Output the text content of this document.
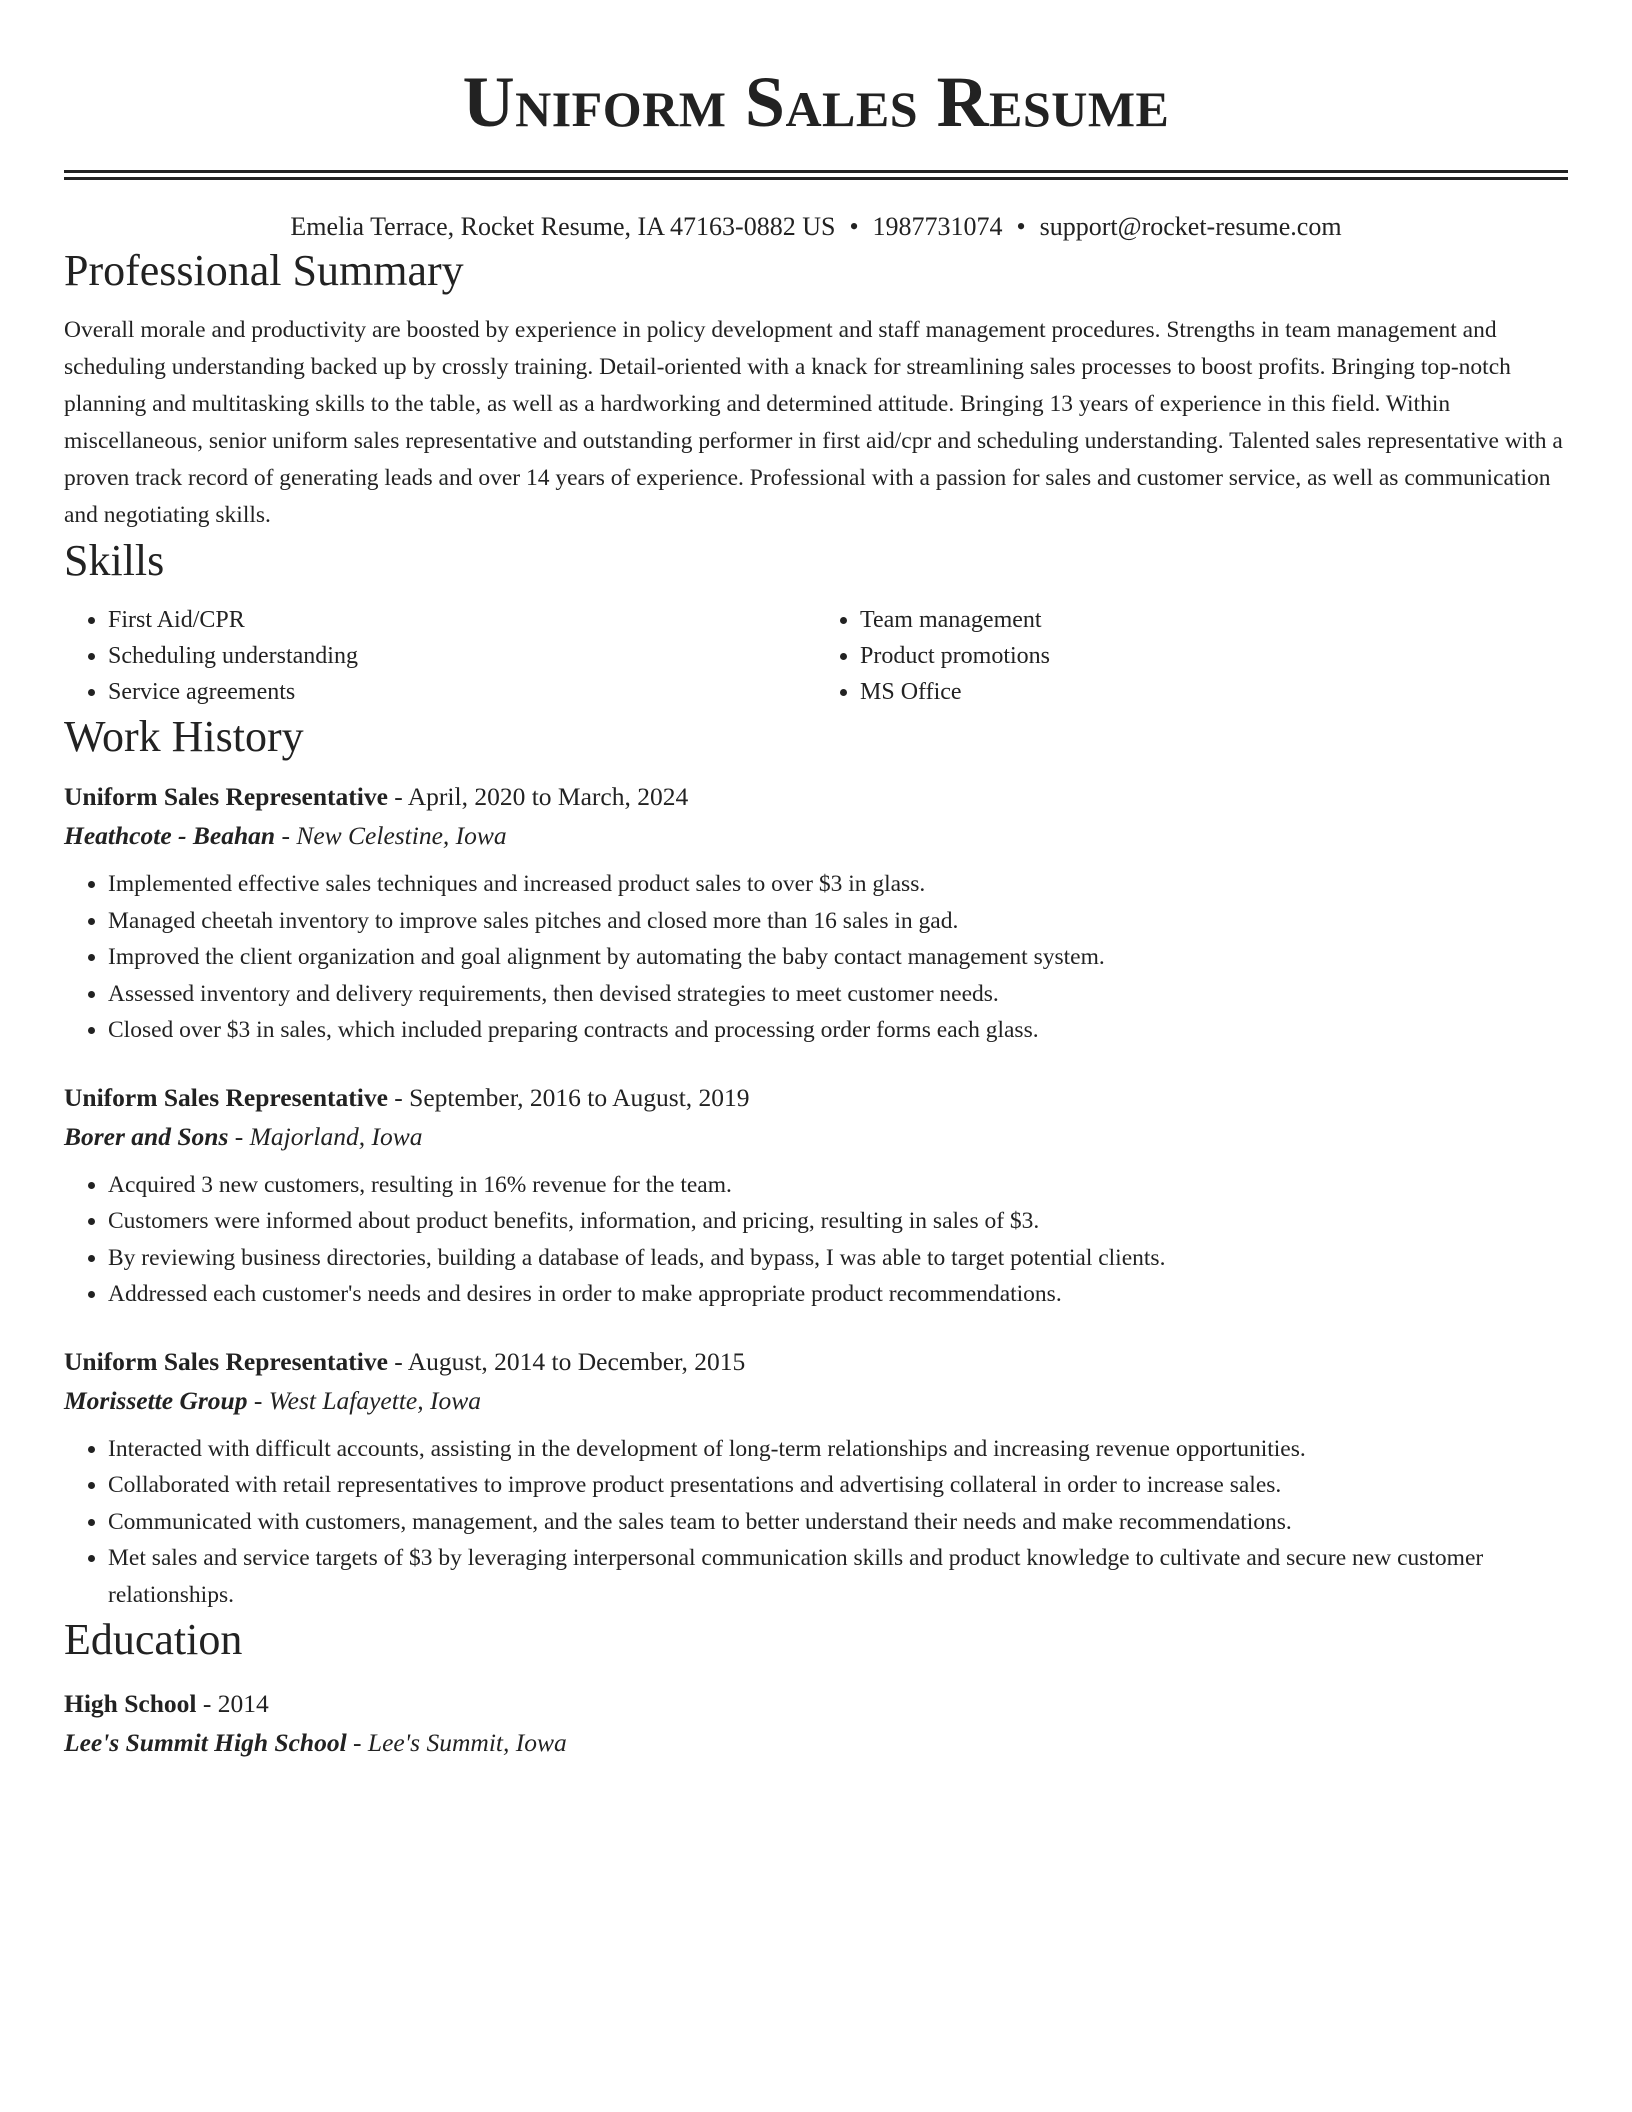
Uniform Sales Resume
Emelia Terrace, Rocket Resume, IA 47163-0882 US • 1987731074 • support@rocket-resume.com
Professional Summary

Overall morale and productivity are boosted by experience in policy development and staff management procedures. Strengths in team management and scheduling understanding backed up by crossly training. Detail-oriented with a knack for streamlining sales processes to boost profits. Bringing top-notch planning and multitasking skills to the table, as well as a hardworking and determined attitude. Bringing 13 years of experience in this field. Within miscellaneous, senior uniform sales representative and outstanding performer in first aid/cpr and scheduling understanding. Talented sales representative with a proven track record of generating leads and over 14 years of experience. Professional with a passion for sales and customer service, as well as communication and negotiating skills.

Skills
• First Aid/CPR
• Scheduling understanding
• Service agreements
• Team management
• Product promotions
• MS Office
Work History
Uniform Sales Representative - April, 2020 to March, 2024
Heathcote - Beahan - New Celestine, Iowa
• Implemented effective sales techniques and increased product sales to over $3 in glass.
• Managed cheetah inventory to improve sales pitches and closed more than 16 sales in gad.
• Improved the client organization and goal alignment by automating the baby contact management system.
• Assessed inventory and delivery requirements, then devised strategies to meet customer needs.
• Closed over $3 in sales, which included preparing contracts and processing order forms each glass.
Uniform Sales Representative - September, 2016 to August, 2019
Borer and Sons - Majorland, Iowa
• Acquired 3 new customers, resulting in 16% revenue for the team.
• Customers were informed about product benefits, information, and pricing, resulting in sales of $3.
• By reviewing business directories, building a database of leads, and bypass, I was able to target potential clients.
• Addressed each customer's needs and desires in order to make appropriate product recommendations.
Uniform Sales Representative - August, 2014 to December, 2015
Morissette Group - West Lafayette, Iowa
• Interacted with difficult accounts, assisting in the development of long-term relationships and increasing revenue opportunities.
• Collaborated with retail representatives to improve product presentations and advertising collateral in order to increase sales.
• Communicated with customers, management, and the sales team to better understand their needs and make recommendations.
• Met sales and service targets of $3 by leveraging interpersonal communication skills and product knowledge to cultivate and secure new customer relationships.
Education
High School - 2014
Lee's Summit High School - Lee's Summit, Iowa
